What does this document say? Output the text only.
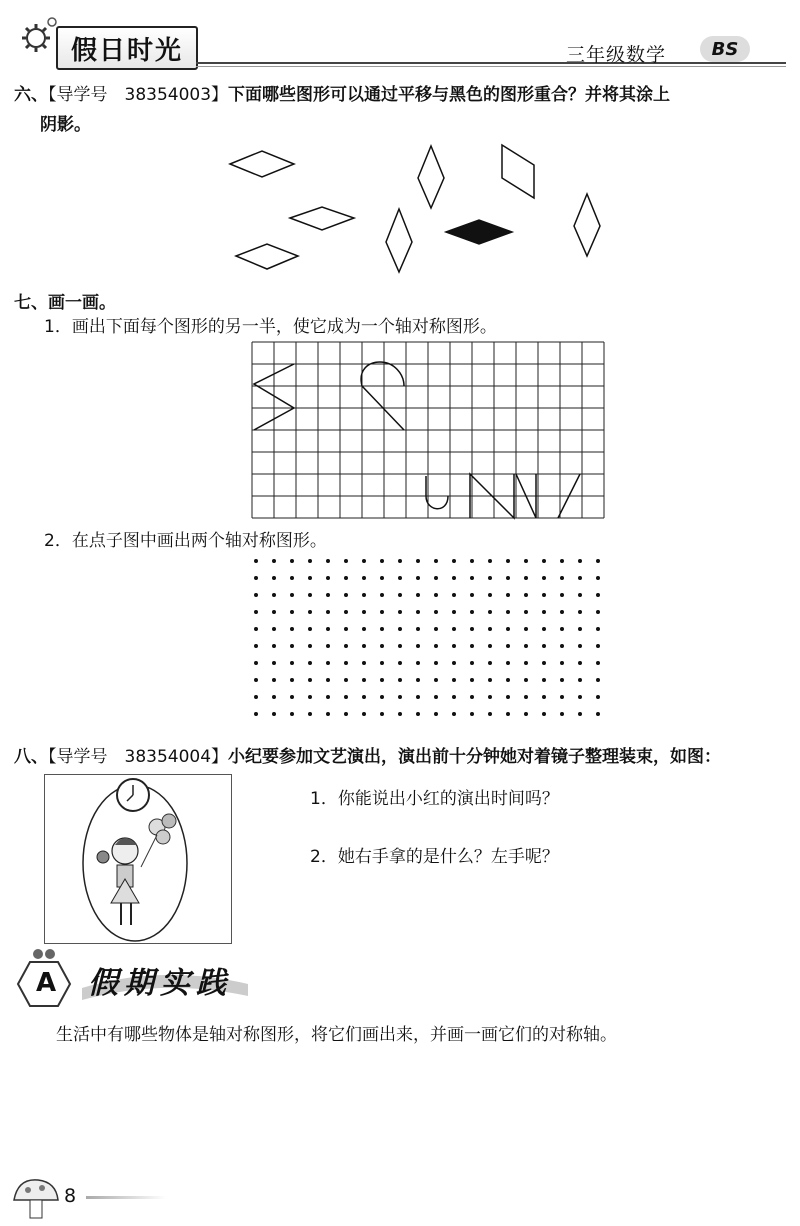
假日时光	三年级数学	BS
六、【导学号　38354003】下面哪些图形可以通过平移与黑色的图形重合？并将其涂上
阴影。
七、画一画。
1．画出下面每个图形的另一半，使它成为一个轴对称图形。
2．在点子图中画出两个轴对称图形。
八、【导学号　38354004】小纪要参加文艺演出，演出前十分钟她对着镜子整理装束，如图：
1．你能说出小红的演出时间吗？
2．她右手拿的是什么？左手呢？
A 假期实践
生活中有哪些物体是轴对称图形，将它们画出来，并画一画它们的对称轴。
8
